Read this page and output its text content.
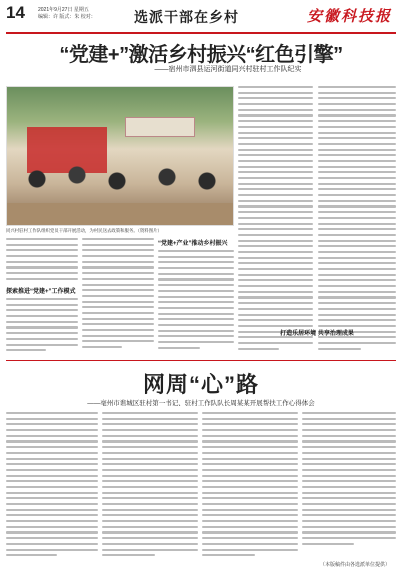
14	2021年9月27日 星期五
编辑：许 版式：朱 校对：	选派干部在乡村	安徽科技报
“党建+”激活乡村振兴“红色引擎”
——宿州市泗县运河街道同兴村驻村工作队纪实
同兴村驻村工作队组织党员干部开展活动，为村民送去政策和服务。（资料图片）
探索推进“党建+”工作模式
“党建+产业”推动乡村振兴
打造乐居环境 共享治理成果
网周“心”路
——亳州市谯城区驻村第一书记、驻村工作队队长周某某开展帮扶工作心得体会
（本版稿件由各选派单位提供）
